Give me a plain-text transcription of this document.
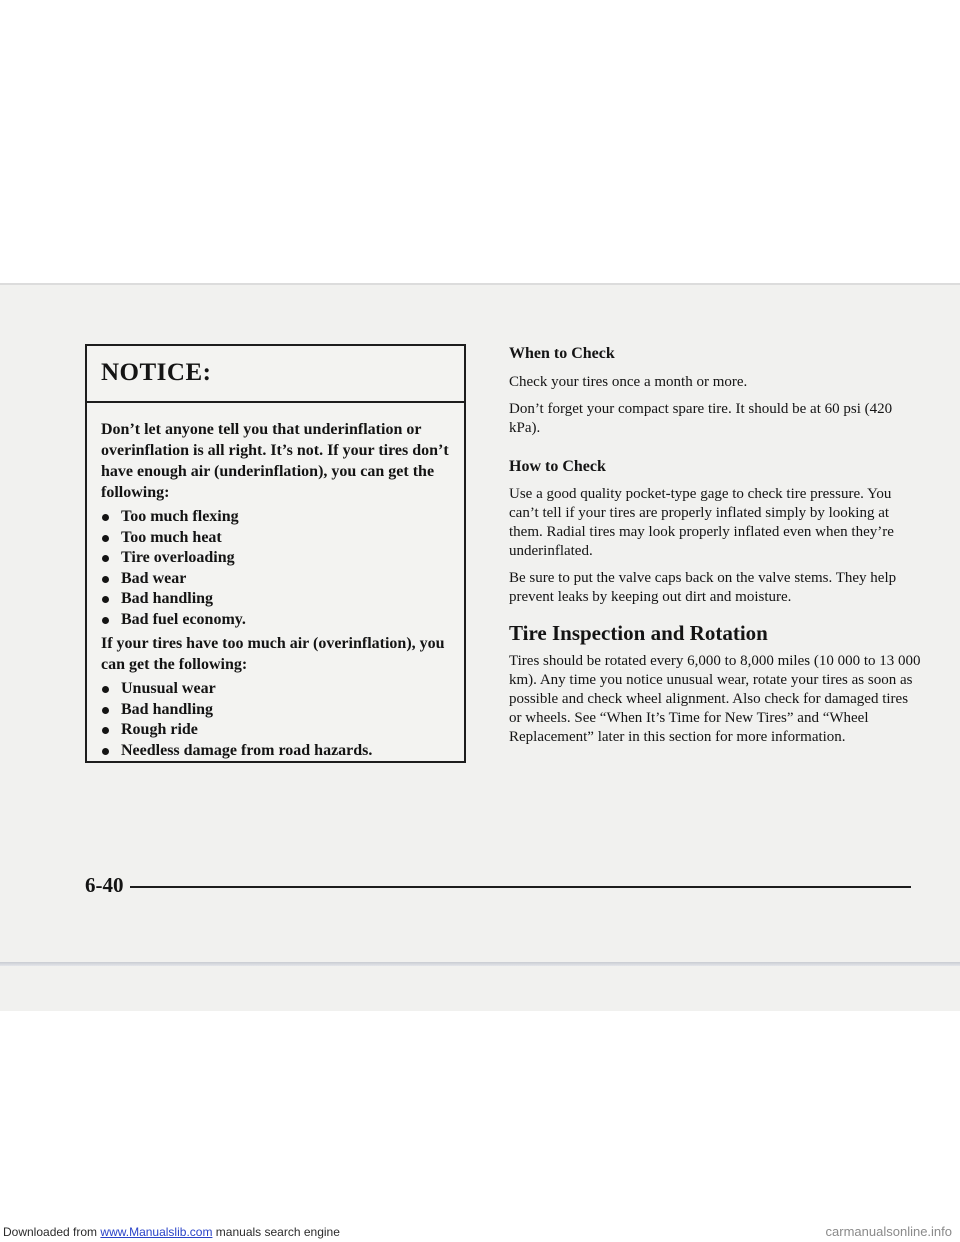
NOTICE:

Don’t let anyone tell you that underinflation or overinflation is all right. It’s not. If your tires don’t have enough air (underinflation), you can get the following:

Too much flexing
Too much heat
Tire overloading
Bad wear
Bad handling
Bad fuel economy.

If your tires have too much air (overinflation), you can get the following:

Unusual wear
Bad handling
Rough ride
Needless damage from road hazards.
When to Check

Check your tires once a month or more.

Don’t forget your compact spare tire. It should be at 60 psi (420 kPa).

How to Check

Use a good quality pocket-type gage to check tire pressure. You can’t tell if your tires are properly inflated simply by looking at them. Radial tires may look properly inflated even when they’re underinflated.

Be sure to put the valve caps back on the valve stems. They help prevent leaks by keeping out dirt and moisture.

Tire Inspection and Rotation

Tires should be rotated every 6,000 to 8,000 miles (10 000 to 13 000 km). Any time you notice unusual wear, rotate your tires as soon as possible and check wheel alignment. Also check for damaged tires or wheels. See “When It’s Time for New Tires” and “Wheel Replacement” later in this section for more information.

6-40
Downloaded from www.Manualslib.com manuals search engine	carmanualsonline.info
